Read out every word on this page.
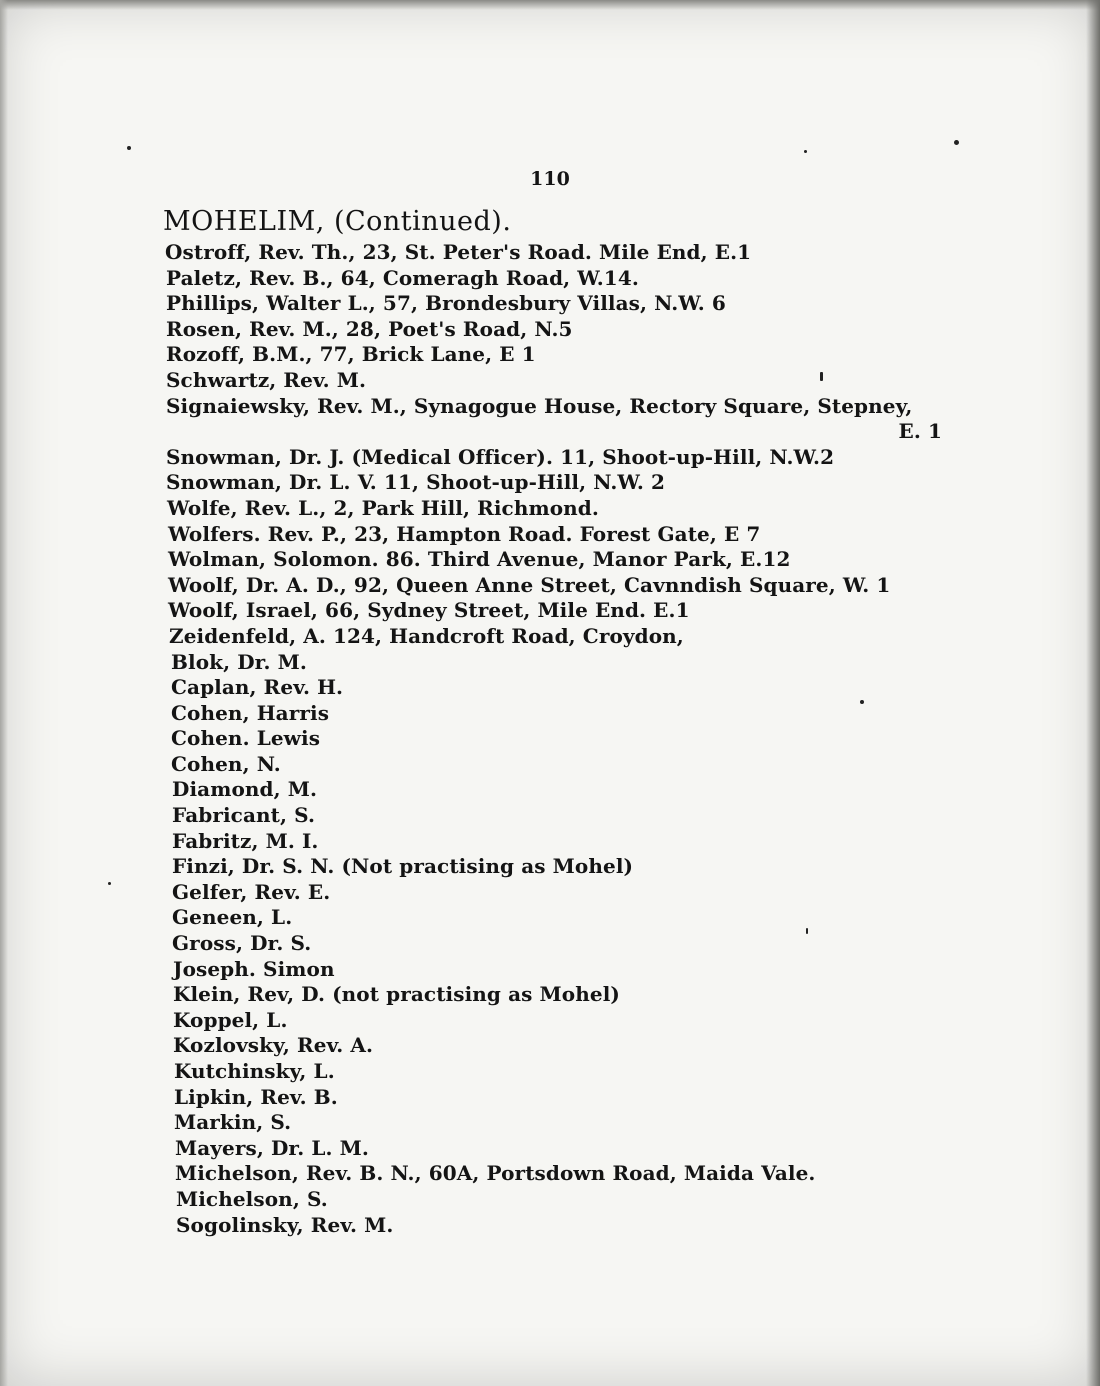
110
MOHELIM, (Continued).
Ostroff, Rev. Th., 23, St. Peter's Road. Mile End, E.1
Paletz, Rev. B., 64, Comeragh Road, W.14.
Phillips, Walter L., 57, Brondesbury Villas, N.W. 6
Rosen, Rev. M., 28, Poet's Road, N.5
Rozoff, B.M., 77, Brick Lane, E 1
Schwartz, Rev. M.
Signaiewsky, Rev. M., Synagogue House, Rectory Square, Stepney,
E. 1
Snowman, Dr. J. (Medical Officer). 11, Shoot-up-Hill, N.W.2
Snowman, Dr. L. V. 11, Shoot-up-Hill, N.W. 2
Wolfe, Rev. L., 2, Park Hill, Richmond.
Wolfers. Rev. P., 23, Hampton Road. Forest Gate, E 7
Wolman, Solomon. 86. Third Avenue, Manor Park, E.12
Woolf, Dr. A. D., 92, Queen Anne Street, Cavnndish Square, W. 1
Woolf, Israel, 66, Sydney Street, Mile End. E.1
Zeidenfeld, A. 124, Handcroft Road, Croydon,
Blok, Dr. M.
Caplan, Rev. H.
Cohen, Harris
Cohen. Lewis
Cohen, N.
Diamond, M.
Fabricant, S.
Fabritz, M. I.
Finzi, Dr. S. N. (Not practising as Mohel)
Gelfer, Rev. E.
Geneen, L.
Gross, Dr. S.
Joseph. Simon
Klein, Rev, D. (not practising as Mohel)
Koppel, L.
Kozlovsky, Rev. A.
Kutchinsky, L.
Lipkin, Rev. B.
Markin, S.
Mayers, Dr. L. M.
Michelson, Rev. B. N., 60A, Portsdown Road, Maida Vale.
Michelson, S.
Sogolinsky, Rev. M.
